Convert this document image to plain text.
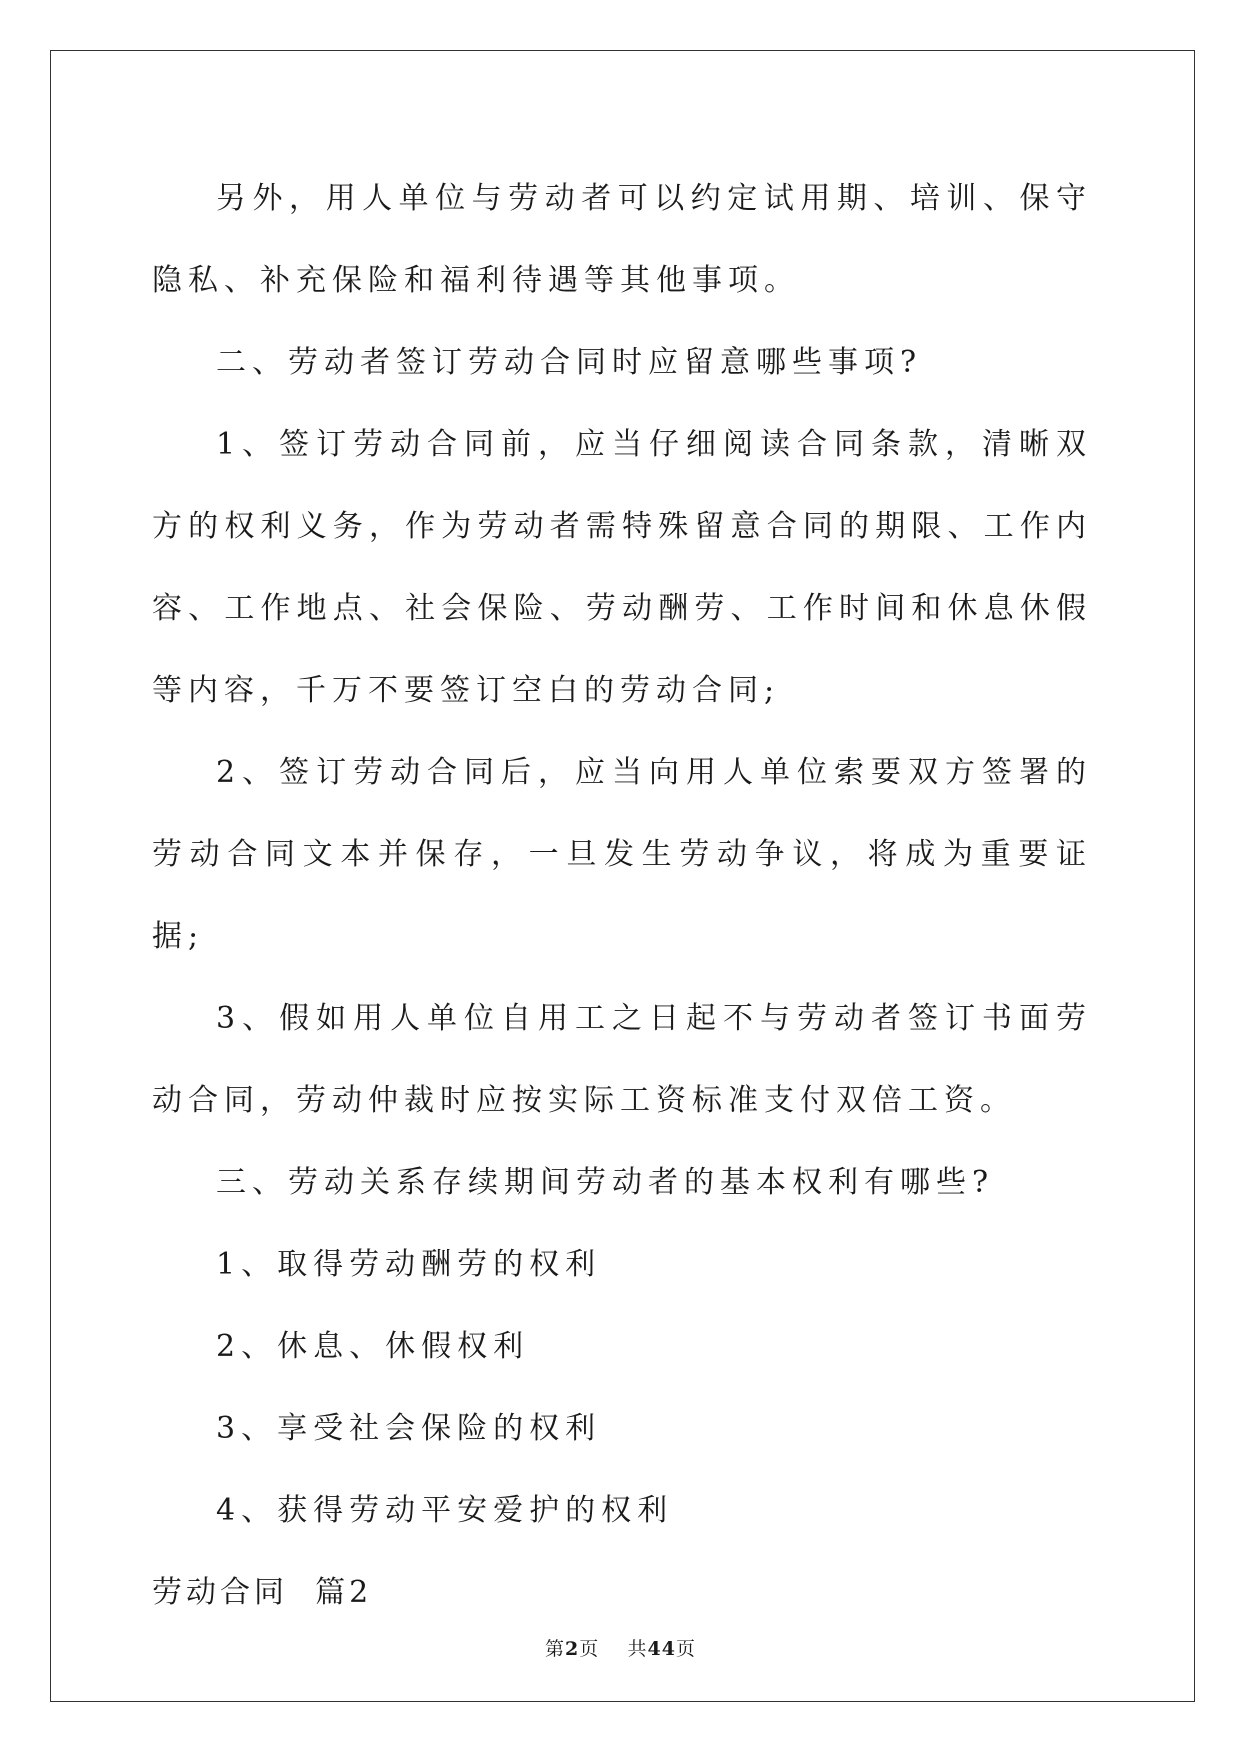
另外，用人单位与劳动者可以约定试用期、培训、保守隐私、补充保险和福利待遇等其他事项。

二、劳动者签订劳动合同时应留意哪些事项?

1、签订劳动合同前，应当仔细阅读合同条款，清晰双方的权利义务，作为劳动者需特殊留意合同的期限、工作内容、工作地点、社会保险、劳动酬劳、工作时间和休息休假等内容，千万不要签订空白的劳动合同;

2、签订劳动合同后，应当向用人单位索要双方签署的劳动合同文本并保存，一旦发生劳动争议，将成为重要证据;

3、假如用人单位自用工之日起不与劳动者签订书面劳动合同，劳动仲裁时应按实际工资标准支付双倍工资。

三、劳动关系存续期间劳动者的基本权利有哪些?

1、取得劳动酬劳的权利

2、休息、休假权利

3、享受社会保险的权利

4、获得劳动平安爱护的权利

劳动合同  篇2

第2页 共44页
